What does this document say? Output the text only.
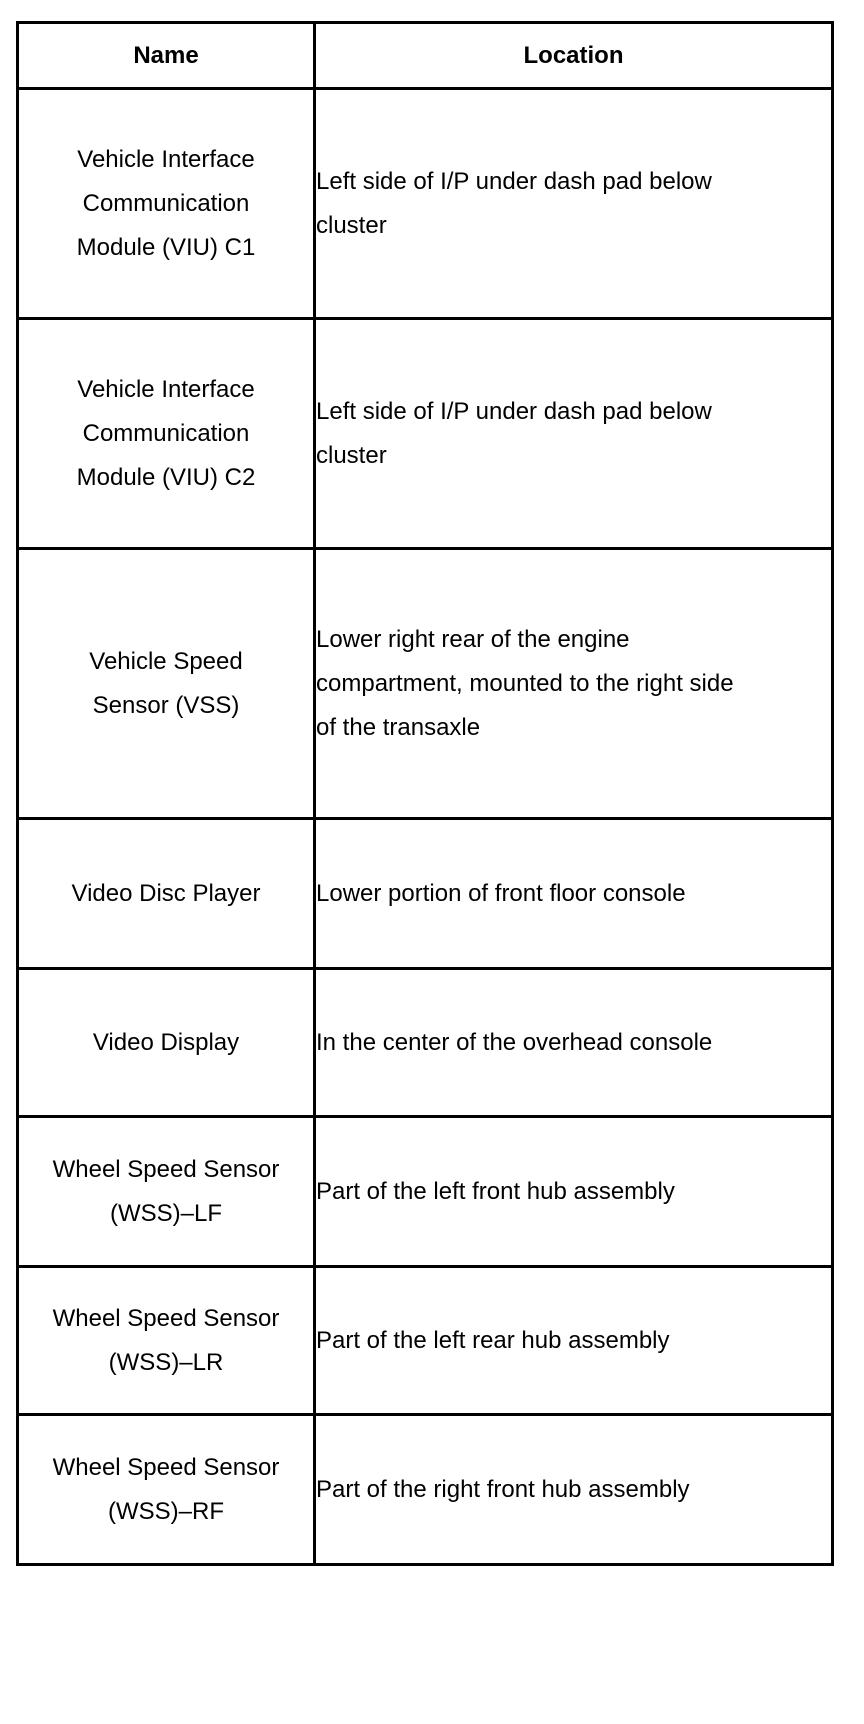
Name	Location
Vehicle Interface Communication Module (VIU) C1	Left side of I/P under dash pad below cluster

Vehicle Interface Communication Module (VIU) C2	Left side of I/P under dash pad below cluster

Vehicle Speed Sensor (VSS)	Lower right rear of the engine compartment, mounted to the right side of the transaxle

Video Disc Player	Lower portion of front floor console

Video Display	In the center of the overhead console

Wheel Speed Sensor (WSS)–LF	Part of the left front hub assembly

Wheel Speed Sensor (WSS)–LR	Part of the left rear hub assembly

Wheel Speed Sensor (WSS)–RF	Part of the right front hub assembly
